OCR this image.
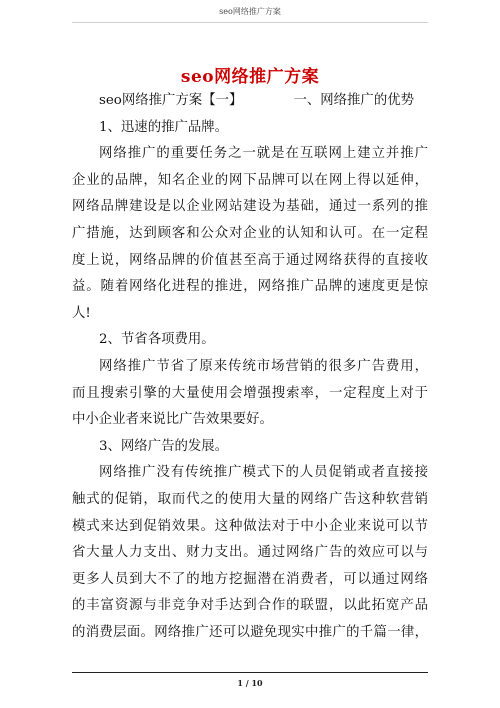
seo网络推广方案
seo网络推广方案
seo网络推广方案【一】	一、网络推广的优势
1、迅速的推广品牌。
网络推广的重要任务之一就是在互联网上建立并推广
企业的品牌，知名企业的网下品牌可以在网上得以延伸，
网络品牌建设是以企业网站建设为基础，通过一系列的推
广措施，达到顾客和公众对企业的认知和认可。在一定程
度上说，网络品牌的价值甚至高于通过网络获得的直接收
益。随着网络化进程的推进，网络推广品牌的速度更是惊
人!
2、节省各项费用。
网络推广节省了原来传统市场营销的很多广告费用，
而且搜索引擎的大量使用会增强搜索率，一定程度上对于
中小企业者来说比广告效果要好。
3、网络广告的发展。
网络推广没有传统推广模式下的人员促销或者直接接
触式的促销，取而代之的使用大量的网络广告这种软营销
模式来达到促销效果。这种做法对于中小企业来说可以节
省大量人力支出、财力支出。通过网络广告的效应可以与
更多人员到大不了的地方挖掘潜在消费者，可以通过网络
的丰富资源与非竞争对手达到合作的联盟，以此拓宽产品
的消费层面。网络推广还可以避免现实中推广的千篇一律，
1 / 10
